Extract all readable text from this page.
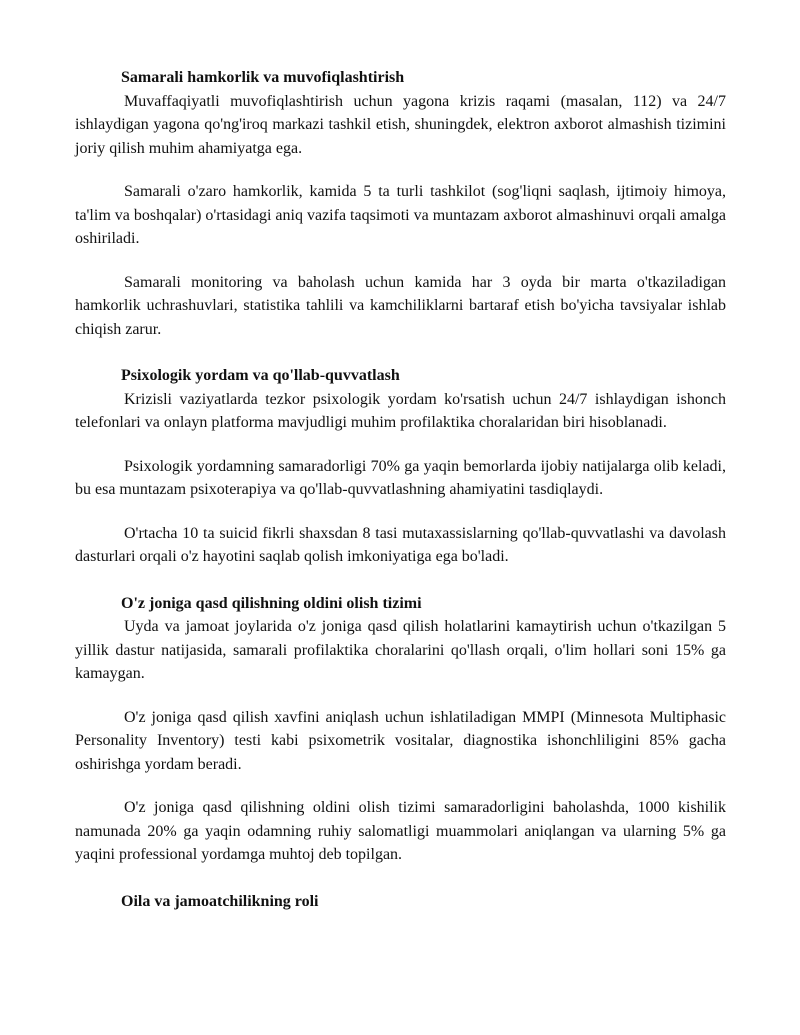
Samarali hamkorlik va muvofiqlashtirish

Muvaffaqiyatli muvofiqlashtirish uchun yagona krizis raqami (masalan, 112) va 24/7 ishlaydigan yagona qo'ng'iroq markazi tashkil etish, shuningdek, elektron axborot almashish tizimini joriy qilish muhim ahamiyatga ega.

Samarali o'zaro hamkorlik, kamida 5 ta turli tashkilot (sog'liqni saqlash, ijtimoiy himoya, ta'lim va boshqalar) o'rtasidagi aniq vazifa taqsimoti va muntazam axborot almashinuvi orqali amalga oshiriladi.

Samarali monitoring va baholash uchun kamida har 3 oyda bir marta o'tkaziladigan hamkorlik uchrashuvlari, statistika tahlili va kamchiliklarni bartaraf etish bo'yicha tavsiyalar ishlab chiqish zarur.

Psixologik yordam va qo'llab-quvvatlash

Krizisli vaziyatlarda tezkor psixologik yordam ko'rsatish uchun 24/7 ishlaydigan ishonch telefonlari va onlayn platforma mavjudligi muhim profilaktika choralaridan biri hisoblanadi.

Psixologik yordamning samaradorligi 70% ga yaqin bemorlarda ijobiy natijalarga olib keladi, bu esa muntazam psixoterapiya va qo'llab-quvvatlashning ahamiyatini tasdiqlaydi.

O'rtacha 10 ta suicid fikrli shaxsdan 8 tasi mutaxassislarning qo'llab-quvvatlashi va davolash dasturlari orqali o'z hayotini saqlab qolish imkoniyatiga ega bo'ladi.

O'z joniga qasd qilishning oldini olish tizimi

Uyda va jamoat joylarida o'z joniga qasd qilish holatlarini kamaytirish uchun o'tkazilgan 5 yillik dastur natijasida, samarali profilaktika choralarini qo'llash orqali, o'lim hollari soni 15% ga kamaygan.

O'z joniga qasd qilish xavfini aniqlash uchun ishlatiladigan MMPI (Minnesota Multiphasic Personality Inventory) testi kabi psixometrik vositalar, diagnostika ishonchliligini 85% gacha oshirishga yordam beradi.

O'z joniga qasd qilishning oldini olish tizimi samaradorligini baholashda, 1000 kishilik namunada 20% ga yaqin odamning ruhiy salomatligi muammolari aniqlangan va ularning 5% ga yaqini professional yordamga muhtoj deb topilgan.

Oila va jamoatchilikning roli
